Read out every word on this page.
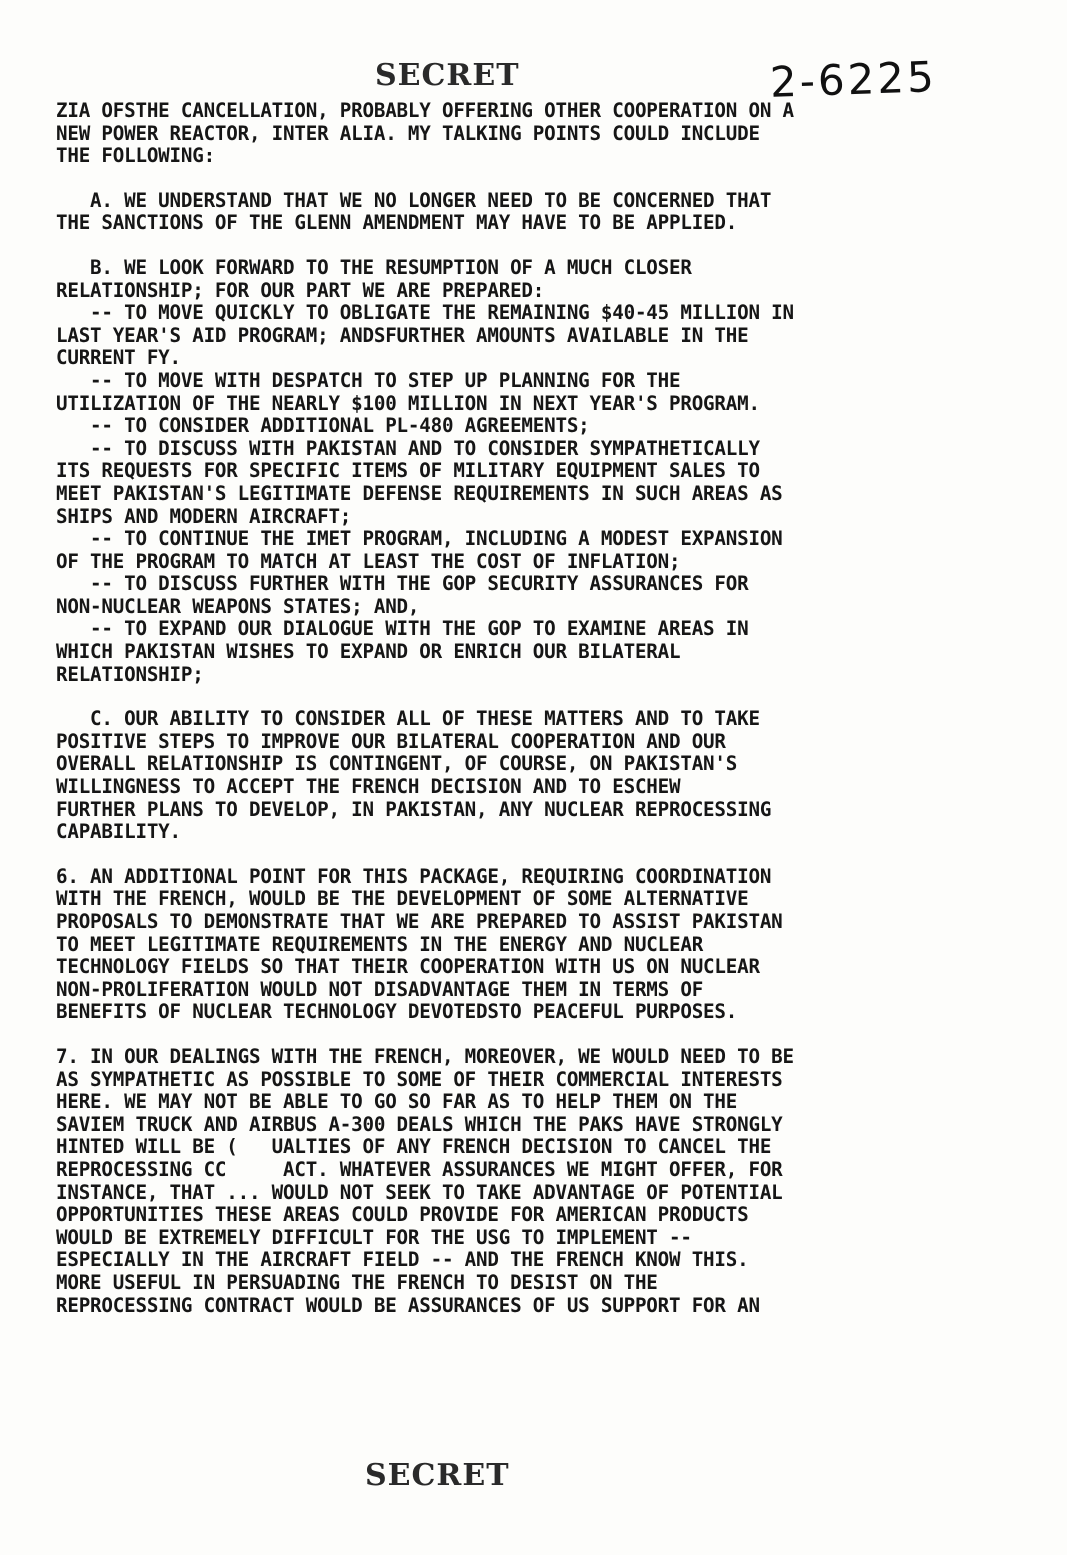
SECRET	2-6225
ZIA OFSTHE CANCELLATION, PROBABLY OFFERING OTHER COOPERATION ON A
NEW POWER REACTOR, INTER ALIA. MY TALKING POINTS COULD INCLUDE
THE FOLLOWING:
A. WE UNDERSTAND THAT WE NO LONGER NEED TO BE CONCERNED THAT
THE SANCTIONS OF THE GLENN AMENDMENT MAY HAVE TO BE APPLIED.
B. WE LOOK FORWARD TO THE RESUMPTION OF A MUCH CLOSER
RELATIONSHIP; FOR OUR PART WE ARE PREPARED:
-- TO MOVE QUICKLY TO OBLIGATE THE REMAINING $40-45 MILLION IN
LAST YEAR'S AID PROGRAM; ANDSFURTHER AMOUNTS AVAILABLE IN THE
CURRENT FY.
-- TO MOVE WITH DESPATCH TO STEP UP PLANNING FOR THE
UTILIZATION OF THE NEARLY $100 MILLION IN NEXT YEAR'S PROGRAM.
-- TO CONSIDER ADDITIONAL PL-480 AGREEMENTS;
-- TO DISCUSS WITH PAKISTAN AND TO CONSIDER SYMPATHETICALLY
ITS REQUESTS FOR SPECIFIC ITEMS OF MILITARY EQUIPMENT SALES TO
MEET PAKISTAN'S LEGITIMATE DEFENSE REQUIREMENTS IN SUCH AREAS AS
SHIPS AND MODERN AIRCRAFT;
-- TO CONTINUE THE IMET PROGRAM, INCLUDING A MODEST EXPANSION
OF THE PROGRAM TO MATCH AT LEAST THE COST OF INFLATION;
-- TO DISCUSS FURTHER WITH THE GOP SECURITY ASSURANCES FOR
NON-NUCLEAR WEAPONS STATES; AND,
-- TO EXPAND OUR DIALOGUE WITH THE GOP TO EXAMINE AREAS IN
WHICH PAKISTAN WISHES TO EXPAND OR ENRICH OUR BILATERAL
RELATIONSHIP;
C. OUR ABILITY TO CONSIDER ALL OF THESE MATTERS AND TO TAKE
POSITIVE STEPS TO IMPROVE OUR BILATERAL COOPERATION AND OUR
OVERALL RELATIONSHIP IS CONTINGENT, OF COURSE, ON PAKISTAN'S
WILLINGNESS TO ACCEPT THE FRENCH DECISION AND TO ESCHEW
FURTHER PLANS TO DEVELOP, IN PAKISTAN, ANY NUCLEAR REPROCESSING
CAPABILITY.
6. AN ADDITIONAL POINT FOR THIS PACKAGE, REQUIRING COORDINATION
WITH THE FRENCH, WOULD BE THE DEVELOPMENT OF SOME ALTERNATIVE
PROPOSALS TO DEMONSTRATE THAT WE ARE PREPARED TO ASSIST PAKISTAN
TO MEET LEGITIMATE REQUIREMENTS IN THE ENERGY AND NUCLEAR
TECHNOLOGY FIELDS SO THAT THEIR COOPERATION WITH US ON NUCLEAR
NON-PROLIFERATION WOULD NOT DISADVANTAGE THEM IN TERMS OF
BENEFITS OF NUCLEAR TECHNOLOGY DEVOTEDSTO PEACEFUL PURPOSES.
7. IN OUR DEALINGS WITH THE FRENCH, MOREOVER, WE WOULD NEED TO BE
AS SYMPATHETIC AS POSSIBLE TO SOME OF THEIR COMMERCIAL INTERESTS
HERE. WE MAY NOT BE ABLE TO GO SO FAR AS TO HELP THEM ON THE
SAVIEM TRUCK AND AIRBUS A-300 DEALS WHICH THE PAKS HAVE STRONGLY
HINTED WILL BE (   UALTIES OF ANY FRENCH DECISION TO CANCEL THE
REPROCESSING CC     ACT. WHATEVER ASSURANCES WE MIGHT OFFER, FOR
INSTANCE, THAT ... WOULD NOT SEEK TO TAKE ADVANTAGE OF POTENTIAL
OPPORTUNITIES THESE AREAS COULD PROVIDE FOR AMERICAN PRODUCTS
WOULD BE EXTREMELY DIFFICULT FOR THE USG TO IMPLEMENT --
ESPECIALLY IN THE AIRCRAFT FIELD -- AND THE FRENCH KNOW THIS.
MORE USEFUL IN PERSUADING THE FRENCH TO DESIST ON THE
REPROCESSING CONTRACT WOULD BE ASSURANCES OF US SUPPORT FOR AN
SECRET
